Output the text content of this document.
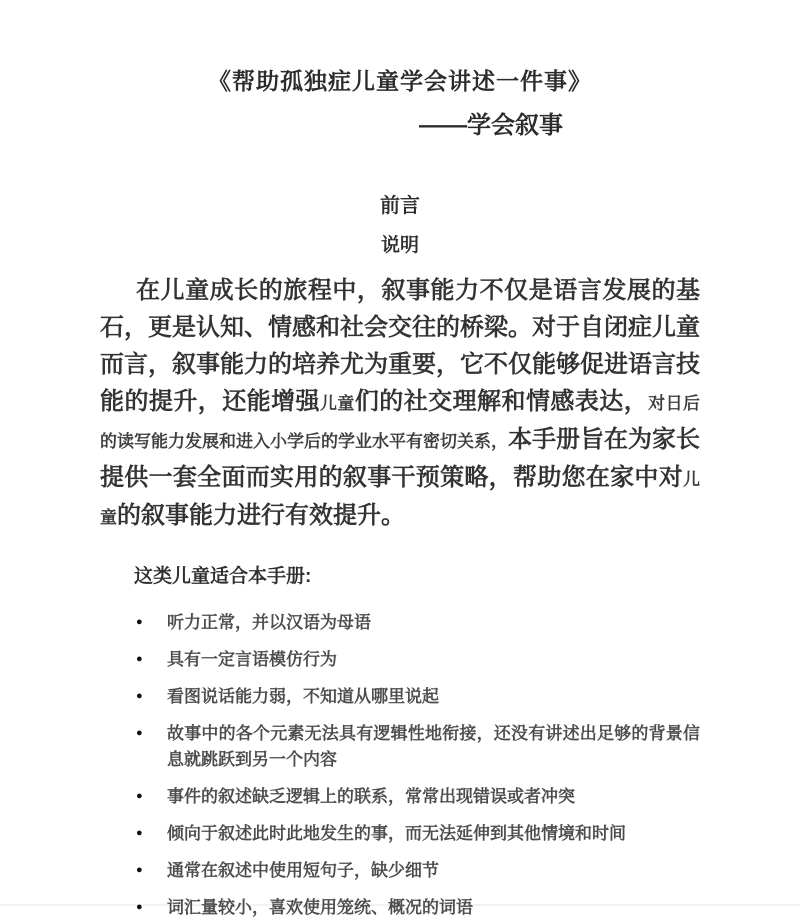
《帮助孤独症儿童学会讲述一件事》
——学会叙事
前言
说明

在儿童成长的旅程中，叙事能力不仅是语言发展的基石，更是认知、情感和社会交往的桥梁。对于自闭症儿童而言，叙事能力的培养尤为重要，它不仅能够促进语言技能的提升，还能增强儿童们的社交理解和情感表达，对日后的读写能力发展和进入小学后的学业水平有密切关系，本手册旨在为家长提供一套全面而实用的叙事干预策略，帮助您在家中对儿童的叙事能力进行有效提升。

这类儿童适合本手册:
● 听力正常，并以汉语为母语
● 具有一定言语模仿行为
● 看图说话能力弱，不知道从哪里说起
● 故事中的各个元素无法具有逻辑性地衔接，还没有讲述出足够的背景信息就跳跃到另一个内容
● 事件的叙述缺乏逻辑上的联系，常常出现错误或者冲突
● 倾向于叙述此时此地发生的事，而无法延伸到其他情境和时间
● 通常在叙述中使用短句子，缺少细节
● 词汇量较小，喜欢使用笼统、概况的词语
